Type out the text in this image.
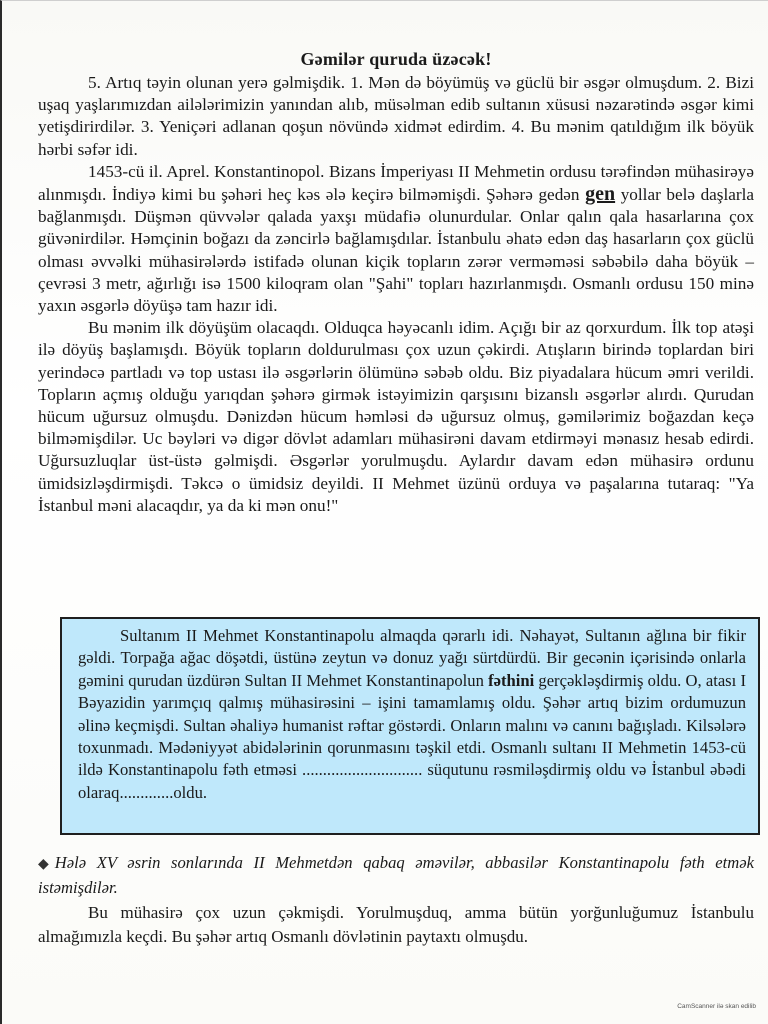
Gəmilər quruda üzəcək!

5. Artıq təyin olunan yerə gəlmişdik. 1. Mən də böyümüş və güclü bir əsgər olmuşdum. 2. Bizi uşaq yaşlarımızdan ailələrimizin yanından alıb, müsəlman edib sultanın xüsusi nəzarətində əsgər kimi yetişdirirdilər. 3. Yeniçəri adlanan qoşun növündə xidmət edirdim. 4. Bu mənim qatıldığım ilk böyük hərbi səfər idi.

1453-cü il. Aprel. Konstantinopol. Bizans İmperiyası II Mehmetin ordusu tərəfindən mühasirəyə alınmışdı. İndiyə kimi bu şəhəri heç kəs ələ keçirə bilməmişdi. Şəhərə gedən gen yollar belə daşlarla bağlanmışdı. Düşmən qüvvələr qalada yaxşı müdafiə olunurdular. Onlar qalın qala hasarlarına çox güvənirdilər. Həmçinin boğazı da zəncirlə bağlamışdılar. İstanbulu əhatə edən daş hasarların çox güclü olması əvvəlki mühasirələrdə istifadə olunan kiçik topların zərər verməməsi səbəbilə daha böyük – çevrəsi 3 metr, ağırlığı isə 1500 kiloqram olan "Şahi" topları hazırlanmışdı. Osmanlı ordusu 150 minə yaxın əsgərlə döyüşə tam hazır idi.

Bu mənim ilk döyüşüm olacaqdı. Olduqca həyəcanlı idim. Açığı bir az qorxurdum. İlk top atəşi ilə döyüş başlamışdı. Böyük topların doldurulması çox uzun çəkirdi. Atışların birində toplardan biri yerindəcə partladı və top ustası ilə əsgərlərin ölümünə səbəb oldu. Biz piyadalara hücum əmri verildi. Topların açmış olduğu yarıqdan şəhərə girmək istəyimizin qarşısını bizanslı əsgərlər alırdı. Qurudan hücum uğursuz olmuşdu. Dənizdən hücum həmləsi də uğursuz olmuş, gəmilərimiz boğazdan keçə bilməmişdilər. Uc bəyləri və digər dövlət adamları mühasirəni davam etdirməyi mənasız hesab edirdi. Uğursuzluqlar üst-üstə gəlmişdi. Əsgərlər yorulmuşdu. Aylardır davam edən mühasirə ordunu ümidsizləşdirmişdi. Təkcə o ümidsiz deyildi. II Mehmet üzünü orduya və paşalarına tutaraq: "Ya İstanbul məni alacaqdır, ya da ki mən onu!"

Sultanım II Mehmet Konstantinapolu almaqda qərarlı idi. Nəhayət, Sultanın ağlına bir fikir gəldi. Torpağa ağac döşətdi, üstünə zeytun və donuz yağı sürtdürdü. Bir gecənin içərisində onlarla gəmini qurudan üzdürən Sultan II Mehmet Konstantinapolun fəthini gerçəkləşdirmiş oldu. O, atası I Bəyazidin yarımçıq qalmış mühasirəsini – işini tamamlamış oldu. Şəhər artıq bizim ordumuzun əlinə keçmişdi. Sultan əhaliyə humanist rəftar göstərdi. Onların malını və canını bağışladı. Kilsələrə toxunmadı. Mədəniyyət abidələrinin qorunmasını təşkil etdi. Osmanlı sultanı II Mehmetin 1453-cü ildə Konstantinapolu fəth etməsi ............................. süqutunu rəsmiləşdirmiş oldu və İstanbul əbədi olaraq.............oldu.

◆ Hələ XV əsrin sonlarında II Mehmetdən qabaq əməvilər, abbasilər Konstantinapolu fəth etmək istəmişdilər.

Bu mühasirə çox uzun çəkmişdi. Yorulmuşduq, amma bütün yorğunluğumuz İstanbulu almağımızla keçdi. Bu şəhər artıq Osmanlı dövlətinin paytaxtı olmuşdu.

CamScanner ilə skan edilib
